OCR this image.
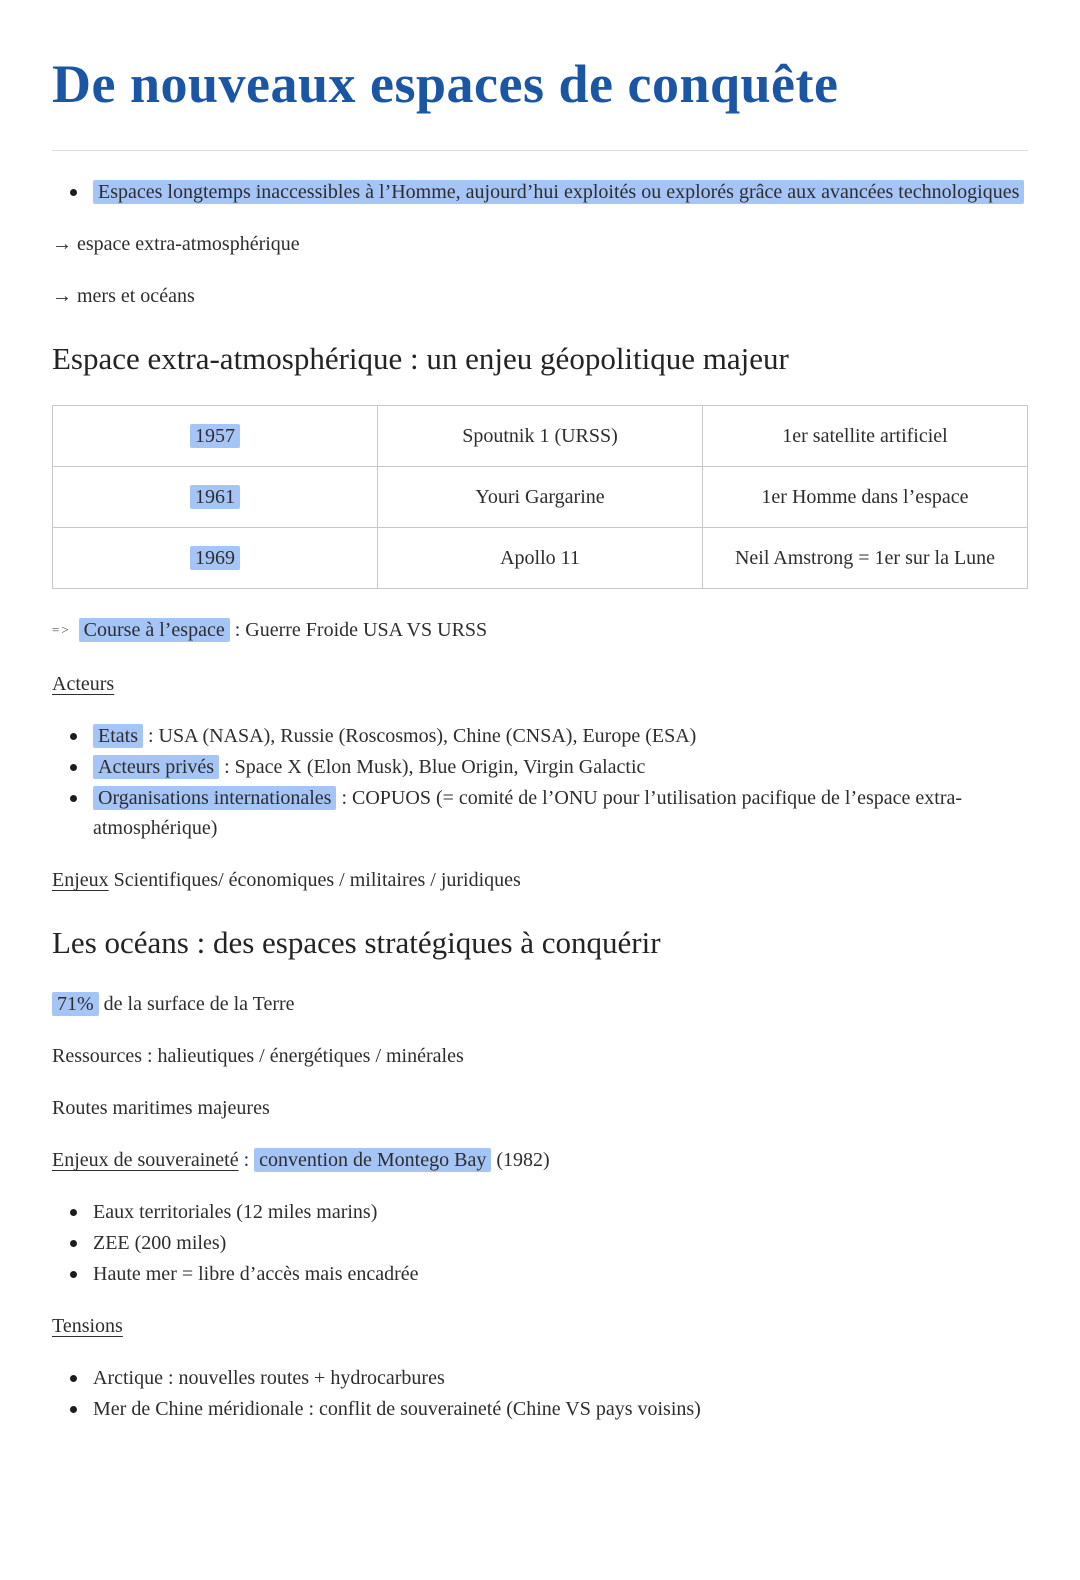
De nouveaux espaces de conquête
Espaces longtemps inaccessibles à l’Homme, aujourd’hui exploités ou explorés grâce aux avancées technologiques

→ espace extra-atmosphérique

→ mers et océans

Espace extra-atmosphérique : un enjeu géopolitique majeur
1957	Spoutnik 1 (URSS)	1er satellite artificiel
1961	Youri Gargarine	1er Homme dans l’espace
1969	Apollo 11	Neil Amstrong = 1er sur la Lune

=> Course à l’espace : Guerre Froide USA VS URSS

Acteurs

Etats : USA (NASA), Russie (Roscosmos), Chine (CNSA), Europe (ESA)
Acteurs privés : Space X (Elon Musk), Blue Origin, Virgin Galactic
Organisations internationales : COPUOS (= comité de l’ONU pour l’utilisation pacifique de l’espace extra-atmosphérique)

Enjeux Scientifiques/ économiques / militaires / juridiques

Les océans : des espaces stratégiques à conquérir

71% de la surface de la Terre

Ressources : halieutiques / énergétiques / minérales

Routes maritimes majeures

Enjeux de souveraineté : convention de Montego Bay (1982)

Eaux territoriales (12 miles marins)
ZEE (200 miles)
Haute mer = libre d’accès mais encadrée

Tensions

Arctique : nouvelles routes + hydrocarbures
Mer de Chine méridionale : conflit de souveraineté (Chine VS pays voisins)
